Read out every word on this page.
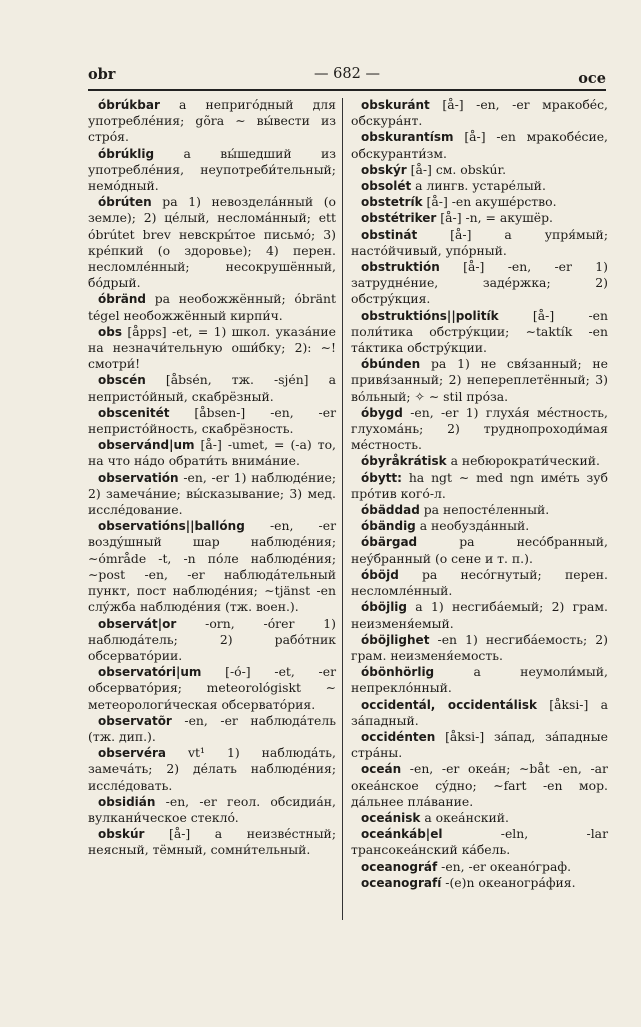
obr	— 682 —	oce

óbrúkbar a непригóдный для употреблéния; gõra ∼ вы́вести из стрóя.

óbrúklig a вы́шедший из употреблéния, неупотреби́тельный; немóдный.

óbrúten pa 1) невозделáнный (о земле); 2) цéлый, несломáнный; ett óbrútet brev невскры́тое письмó; 3) крéпкий (о здоровье); 4) перен. несломлéнный; несокрушённый, бóдрый.

óbränd pa необожжённый; óbränt tégel необожжённый кирпи́ч.

obs [åpps] -et, = 1) школ. указáние на незначи́тельную оши́бку; 2): ∼! смотри́!

obscén [åbsén, тж. -sjén] a непристóйный, скабрёзный.

obscenitét [åbsen-] -en, -er непристóйность, скабрёзность.

observánd|um [å-] -umet, = (-a) то, на что нáдо обрати́ть внимáние.

observatión -en, -er 1) наблюдéние; 2) замечáние; вы́сказывание; 3) мед. исслéдование.

observatións||ballóng -en, -er воздýшный шар наблюдéния; ∼ómråde -t, -n пóле наблюдéния; ∼post -en, -er наблюдáтельный пункт, пост наблюдéния; ∼tjänst -en слýжба наблюдéния (тж. воен.).

observát|or -orn, -órer 1) наблюдáтель; 2) рабóтник обсерватóрии.

observatóri|um [-ó-] -et, -er обсерватóрия; meteorológiskt ∼ метеорологи́ческая обсерватóрия.

observatõr -en, -er наблюдáтель (тж. дип.).

observéra vt¹ 1) наблюдáть, замечáть; 2) дéлать наблюдéния; исслéдовать.

obsidián -en, -er геол. обсидиáн, вулкани́ческое стеклó.

obskúr [å-] a неизвéстный; неясный, тёмный, сомни́тельный.

obskuránt [å-] -en, -er мракобéс, обскурáнт.

obskurantísm [å-] -en мракобéсие, обскуранти́зм.

obskýr [å-] см. obskúr.

obsolét a лингв. устарéлый.

obstetrík [å-] -en акушéрство.

obstétriker [å-] -n, = акушёр.

obstinát [å-] a упря́мый; настóйчивый, упóрный.

obstruktión [å-] -en, -er 1) затруднéние, задéржка; 2) обстрýкция.

obstruktións||politík [å-] -en поли́тика обстрýкции; ∼taktík -en тáктика обстрýкции.

óbúnden pa 1) не свя́занный; не привя́занный; 2) непереплетённый; 3) вóльный; ✧ ∼ stil прóза.

óbygd -en, -er 1) глухáя мéстность, глухомáнь; 2) труднопроходи́мая мéстность.

óbyråkrátisk a небюрократи́ческий.

óbytt: ha ngt ∼ med ngn имéть зуб прóтив когó-л.

óbäddad pa непостéленный.

óbändig a необуздáнный.

óbärgad pa несóбранный, неýбранный (о сене и т. п.).

óböjd pa несóгнутый; перен. несломлéнный.

óböjlig a 1) несгибáемый; 2) грам. неизменя́емый.

óböjlighet -en 1) несгибáемость; 2) грам. неизменя́емость.

óbönhörlig a неумоли́мый, непреклóнный.

occidentál, occidentálisk [åksi-] a зáпадный.

occidénten [åksi-] зáпад, зáпадные стрáны.

oceán -en, -er океáн; ∼båt -en, -ar океáнское сýдно; ∼fart -en мор. дáльнее плáвание.

oceánisk a океáнский.

oceánkáb|el -eln, -lar трансокеáнский кáбель.

oceanográf -en, -er океанóграф.

oceanografí -(e)n океаногрáфия.
